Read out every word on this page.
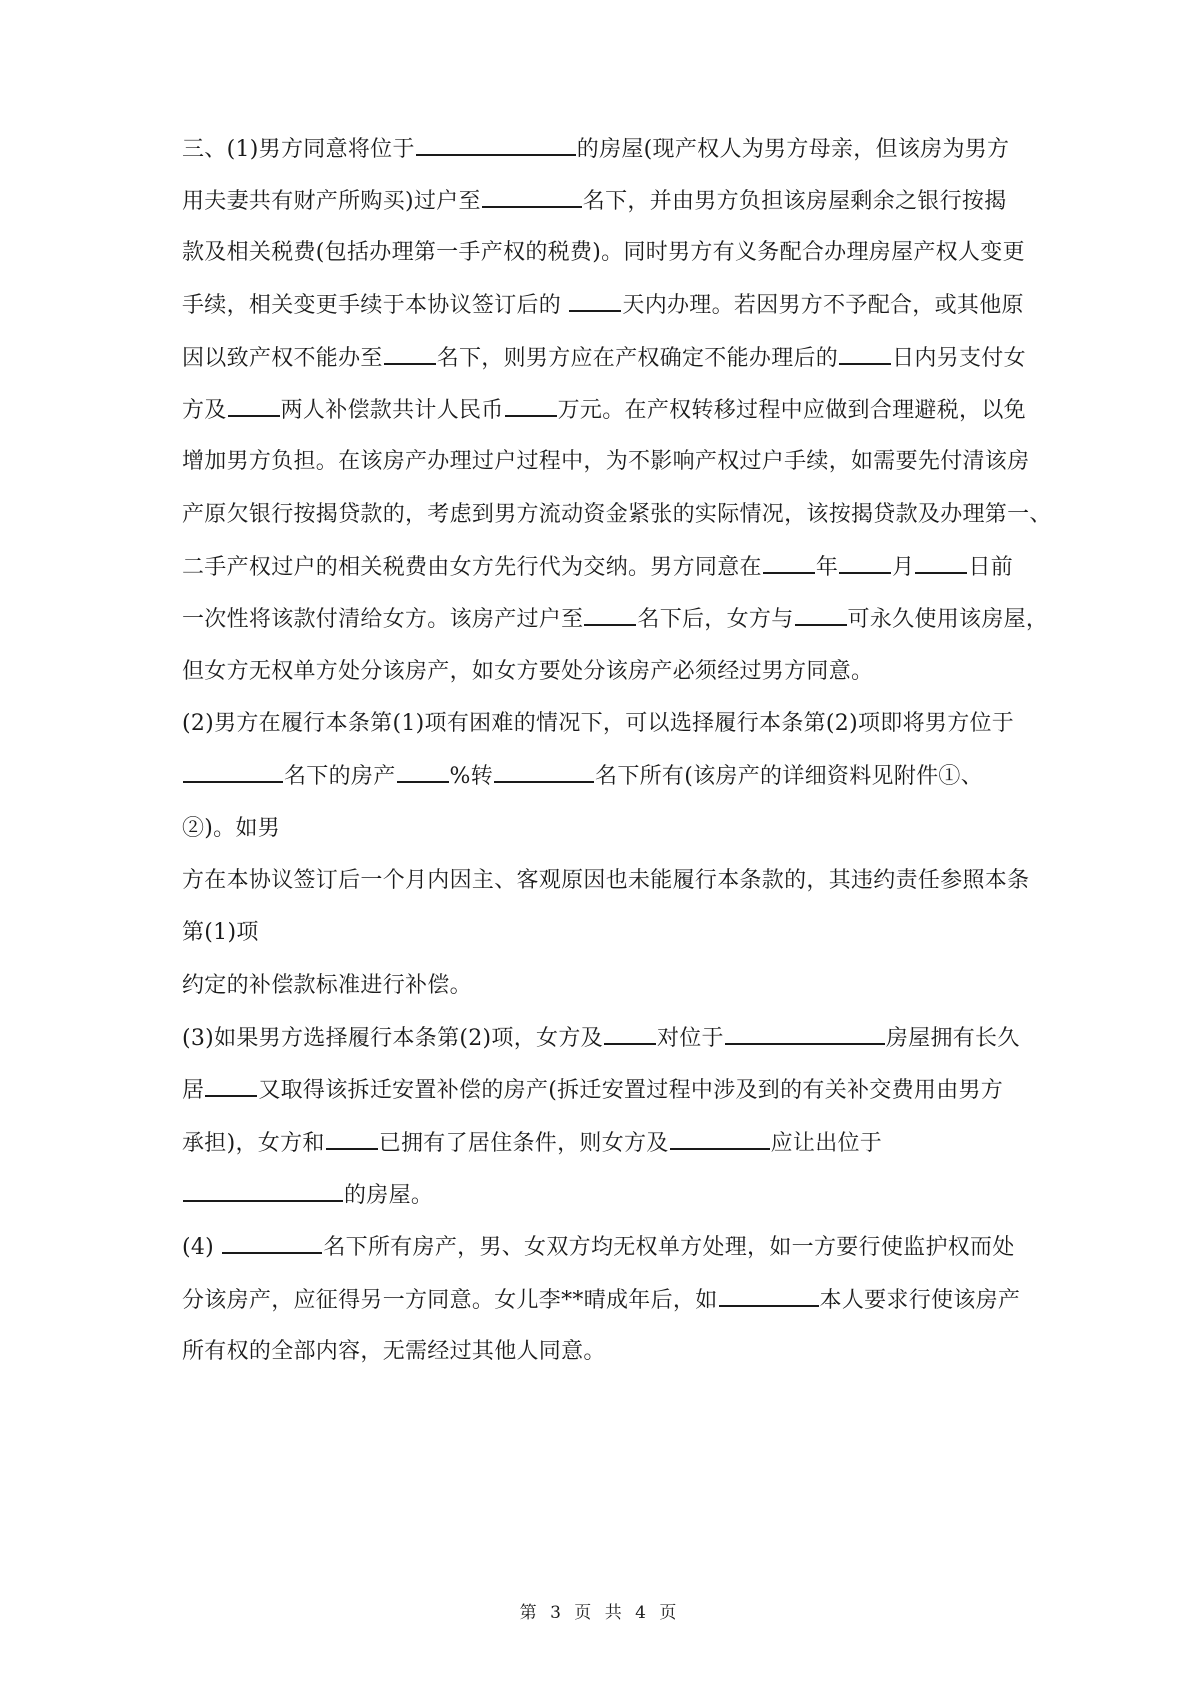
三、(1)男方同意将位于	的房屋(现产权人为男方母亲，但该房为男方
用夫妻共有财产所购买)过户至	名下，并由男方负担该房屋剩余之银行按揭
款及相关税费(包括办理第一手产权的税费)。同时男方有义务配合办理房屋产权人变更
手续，相关变更手续于本协议签订后的 天内办理。若因男方不予配合，或其他原
因以致产权不能办至 名下，则男方应在产权确定不能办理后的 日内另支付女
方及 两人补偿款共计人民币 万元。在产权转移过程中应做到合理避税，以免
增加男方负担。在该房产办理过户过程中，为不影响产权过户手续，如需要先付清该房
产原欠银行按揭贷款的，考虑到男方流动资金紧张的实际情况，该按揭贷款及办理第一、
二手产权过户的相关税费由女方先行代为交纳。男方同意在 年 月 日前
一次性将该款付清给女方。该房产过户至 名下后，女方与 可永久使用该房屋，
但女方无权单方处分该房产，如女方要处分该房产必须经过男方同意。
(2)男方在履行本条第(1)项有困难的情况下，可以选择履行本条第(2)项即将男方位于
名下的房产 %转	名下所有(该房产的详细资料见附件①、
②)。如男
方在本协议签订后一个月内因主、客观原因也未能履行本条款的，其违约责任参照本条
第(1)项
约定的补偿款标准进行补偿。
(3)如果男方选择履行本条第(2)项，女方及 对位于	房屋拥有长久
居 又取得该拆迁安置补偿的房产(拆迁安置过程中涉及到的有关补交费用由男方
承担)，女方和 已拥有了居住条件，则女方及	应让出位于
的房屋。
(4)	名下所有房产，男、女双方均无权单方处理，如一方要行使监护权而处
分该房产，应征得另一方同意。女儿李**晴成年后，如	本人要求行使该房产
所有权的全部内容，无需经过其他人同意。
第 3 页 共 4 页
